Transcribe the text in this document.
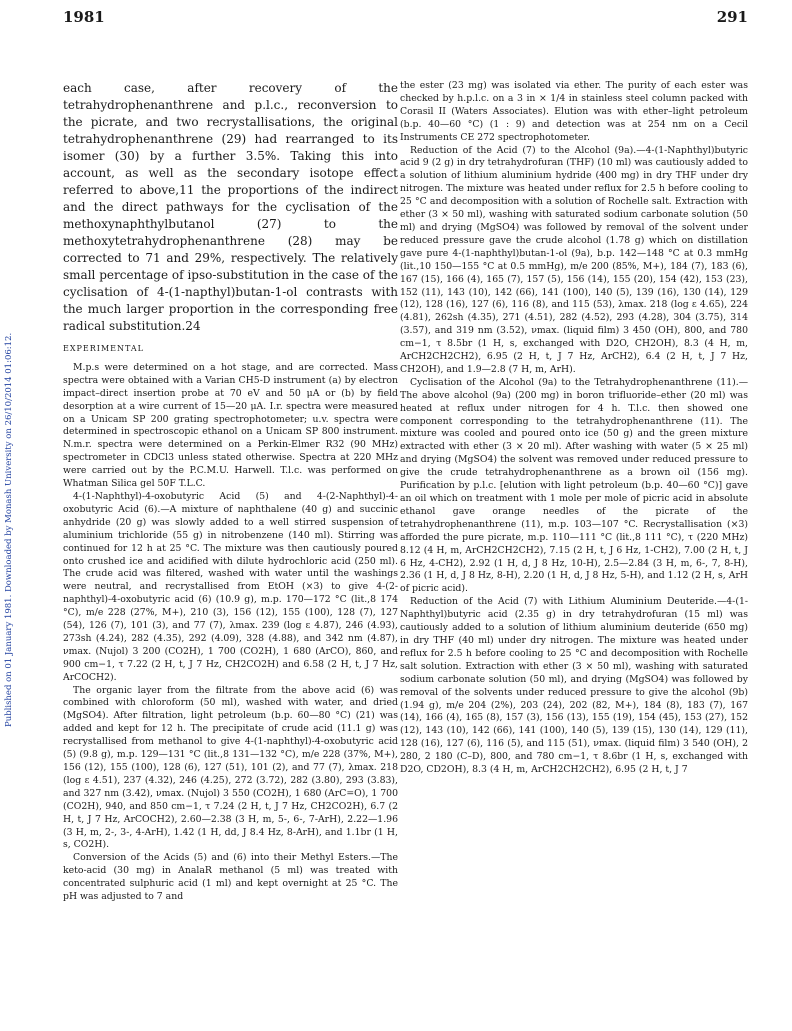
1981	291
Published on 01 January 1981. Downloaded by Monash University on 26/10/2014 01:06:12.

each case, after recovery of the tetrahydrophenanthrene and p.l.c., reconversion to the picrate, and two recrystallisations, the original tetrahydrophenanthrene (29) had rearranged to its isomer (30) by a further 3.5%. Taking this into account, as well as the secondary isotope effect referred to above,11 the proportions of the indirect and the direct pathways for the cyclisation of the methoxynaphthylbutanol (27) to the methoxytetrahydrophenanthrene (28) may be corrected to 71 and 29%, respectively. The relatively small percentage of ipso-substitution in the case of the cyclisation of 4-(1-napthyl)butan-1-ol contrasts with the much larger proportion in the corresponding free radical substitution.24

EXPERIMENTAL

M.p.s were determined on a hot stage, and are corrected. Mass spectra were obtained with a Varian CH5-D instrument (a) by electron impact–direct insertion probe at 70 eV and 50 μA or (b) by field desorption at a wire current of 15—20 μA. I.r. spectra were measured on a Unicam SP 200 grating spectrophotometer; u.v. spectra were determined in spectroscopic ethanol on a Unicam SP 800 instrument. N.m.r. spectra were determined on a Perkin-Elmer R32 (90 MHz) spectrometer in CDCl3 unless stated otherwise. Spectra at 220 MHz were carried out by the P.C.M.U. Harwell. T.l.c. was performed on Whatman Silica gel 50F T.L.C.

4-(1-Naphthyl)-4-oxobutyric Acid (5) and 4-(2-Naphthyl)-4-oxobutyric Acid (6).—A mixture of naphthalene (40 g) and succinic anhydride (20 g) was slowly added to a well stirred suspension of aluminium trichloride (55 g) in nitrobenzene (140 ml). Stirring was continued for 12 h at 25 °C. The mixture was then cautiously poured onto crushed ice and acidified with dilute hydrochloric acid (250 ml). The crude acid was filtered, washed with water until the washings were neutral, and recrystallised from EtOH (×3) to give 4-(2-naphthyl)-4-oxobutyric acid (6) (10.9 g), m.p. 170—172 °C (lit.,8 174 °C), m/e 228 (27%, M+), 210 (3), 156 (12), 155 (100), 128 (7), 127 (54), 126 (7), 101 (3), and 77 (7), λmax. 239 (log ε 4.87), 246 (4.93), 273sh (4.24), 282 (4.35), 292 (4.09), 328 (4.88), and 342 nm (4.87), νmax. (Nujol) 3 200 (CO2H), 1 700 (CO2H), 1 680 (ArCO), 860, and 900 cm−1, τ 7.22 (2 H, t, J 7 Hz, CH2CO2H) and 6.58 (2 H, t, J 7 Hz, ArCOCH2).

The organic layer from the filtrate from the above acid (6) was combined with chloroform (50 ml), washed with water, and dried (MgSO4). After filtration, light petroleum (b.p. 60—80 °C) (21) was added and kept for 12 h. The precipitate of crude acid (11.1 g) was recrystallised from methanol to give 4-(1-naphthyl)-4-oxobutyric acid (5) (9.8 g), m.p. 129—131 °C (lit.,8 131—132 °C), m/e 228 (37%, M+), 156 (12), 155 (100), 128 (6), 127 (51), 101 (2), and 77 (7), λmax. 218 (log ε 4.51), 237 (4.32), 246 (4.25), 272 (3.72), 282 (3.80), 293 (3.83), and 327 nm (3.42), νmax. (Nujol) 3 550 (CO2H), 1 680 (ArC=O), 1 700 (CO2H), 940, and 850 cm−1, τ 7.24 (2 H, t, J 7 Hz, CH2CO2H), 6.7 (2 H, t, J 7 Hz, ArCOCH2), 2.60—2.38 (3 H, m, 5-, 6-, 7-ArH), 2.22—1.96 (3 H, m, 2-, 3-, 4-ArH), 1.42 (1 H, dd, J 8.4 Hz, 8-ArH), and 1.1br (1 H, s, CO2H).

Conversion of the Acids (5) and (6) into their Methyl Esters.—The keto-acid (30 mg) in AnalaR methanol (5 ml) was treated with concentrated sulphuric acid (1 ml) and kept overnight at 25 °C. The pH was adjusted to 7 and

the ester (23 mg) was isolated via ether. The purity of each ester was checked by h.p.l.c. on a 3 in × 1/4 in stainless steel column packed with Corasil II (Waters Associates). Elution was with ether–light petroleum (b.p. 40—60 °C) (1 : 9) and detection was at 254 nm on a Cecil Instruments CE 272 spectrophotometer.

Reduction of the Acid (7) to the Alcohol (9a).—4-(1-Naphthyl)butyric acid 9 (2 g) in dry tetrahydrofuran (THF) (10 ml) was cautiously added to a solution of lithium aluminium hydride (400 mg) in dry THF under dry nitrogen. The mixture was heated under reflux for 2.5 h before cooling to 25 °C and decomposition with a solution of Rochelle salt. Extraction with ether (3 × 50 ml), washing with saturated sodium carbonate solution (50 ml) and drying (MgSO4) was followed by removal of the solvent under reduced pressure gave the crude alcohol (1.78 g) which on distillation gave pure 4-(1-naphthyl)butan-1-ol (9a), b.p. 142—148 °C at 0.3 mmHg (lit.,10 150—155 °C at 0.5 mmHg), m/e 200 (85%, M+), 184 (7), 183 (6), 167 (15), 166 (4), 165 (7), 157 (5), 156 (14), 155 (20), 154 (42), 153 (23), 152 (11), 143 (10), 142 (66), 141 (100), 140 (5), 139 (16), 130 (14), 129 (12), 128 (16), 127 (6), 116 (8), and 115 (53), λmax. 218 (log ε 4.65), 224 (4.81), 262sh (4.35), 271 (4.51), 282 (4.52), 293 (4.28), 304 (3.75), 314 (3.57), and 319 nm (3.52), νmax. (liquid film) 3 450 (OH), 800, and 780 cm−1, τ 8.5br (1 H, s, exchanged with D2O, CH2OH), 8.3 (4 H, m, ArCH2CH2CH2), 6.95 (2 H, t, J 7 Hz, ArCH2), 6.4 (2 H, t, J 7 Hz, CH2OH), and 1.9—2.8 (7 H, m, ArH).

Cyclisation of the Alcohol (9a) to the Tetrahydrophenanthrene (11).—The above alcohol (9a) (200 mg) in boron trifluoride–ether (20 ml) was heated at reflux under nitrogen for 4 h. T.l.c. then showed one component corresponding to the tetrahydrophenanthrene (11). The mixture was cooled and poured onto ice (50 g) and the green mixture extracted with ether (3 × 20 ml). After washing with water (5 × 25 ml) and drying (MgSO4) the solvent was removed under reduced pressure to give the crude tetrahydrophenanthrene as a brown oil (156 mg). Purification by p.l.c. [elution with light petroleum (b.p. 40—60 °C)] gave an oil which on treatment with 1 mole per mole of picric acid in absolute ethanol gave orange needles of the picrate of the tetrahydrophenanthrene (11), m.p. 103—107 °C. Recrystallisation (×3) afforded the pure picrate, m.p. 110—111 °C (lit.,8 111 °C), τ (220 MHz) 8.12 (4 H, m, ArCH2CH2CH2), 7.15 (2 H, t, J 6 Hz, 1-CH2), 7.00 (2 H, t, J 6 Hz, 4-CH2), 2.92 (1 H, d, J 8 Hz, 10-H), 2.5—2.84 (3 H, m, 6-, 7, 8-H), 2.36 (1 H, d, J 8 Hz, 8-H), 2.20 (1 H, d, J 8 Hz, 5-H), and 1.12 (2 H, s, ArH of picric acid).

Reduction of the Acid (7) with Lithium Aluminium Deuteride.—4-(1-Naphthyl)butyric acid (2.35 g) in dry tetrahydrofuran (15 ml) was cautiously added to a solution of lithium aluminium deuteride (650 mg) in dry THF (40 ml) under dry nitrogen. The mixture was heated under reflux for 2.5 h before cooling to 25 °C and decomposition with Rochelle salt solution. Extraction with ether (3 × 50 ml), washing with saturated sodium carbonate solution (50 ml), and drying (MgSO4) was followed by removal of the solvents under reduced pressure to give the alcohol (9b) (1.94 g), m/e 204 (2%), 203 (24), 202 (82, M+), 184 (8), 183 (7), 167 (14), 166 (4), 165 (8), 157 (3), 156 (13), 155 (19), 154 (45), 153 (27), 152 (12), 143 (10), 142 (66), 141 (100), 140 (5), 139 (15), 130 (14), 129 (11), 128 (16), 127 (6), 116 (5), and 115 (51), νmax. (liquid film) 3 540 (OH), 2 280, 2 180 (C–D), 800, and 780 cm−1, τ 8.6br (1 H, s, exchanged with D2O, CD2OH), 8.3 (4 H, m, ArCH2CH2CH2), 6.95 (2 H, t, J 7
